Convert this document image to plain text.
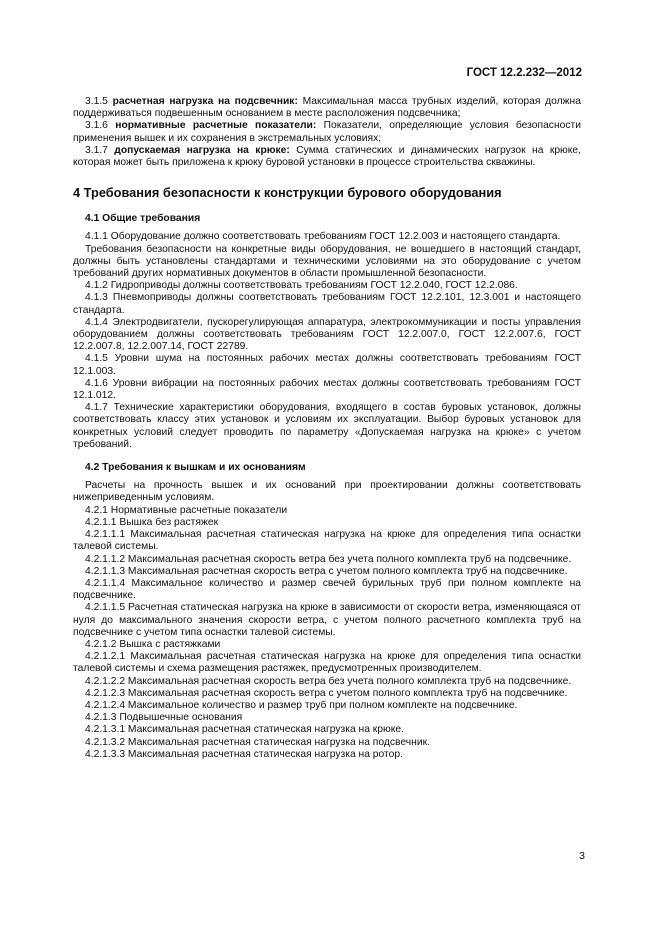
ГОСТ 12.2.232—2012

3.1.5 расчетная нагрузка на подсвечник: Максимальная масса трубных изделий, которая должна поддерживаться подвешенным основанием в месте расположения подсвечника;

3.1.6 нормативные расчетные показатели: Показатели, определяющие условия безопасности применения вышек и их сохранения в экстремальных условиях;

3.1.7 допускаемая нагрузка на крюке: Сумма статических и динамических нагрузок на крюке, которая может быть приложена к крюку буровой установки в процессе строительства скважины.

4 Требования безопасности к конструкции бурового оборудования
4.1 Общие требования

4.1.1 Оборудование должно соответствовать требованиям ГОСТ 12.2.003 и настоящего стандарта.

Требования безопасности на конкретные виды оборудования, не вошедшего в настоящий стандарт, должны быть установлены стандартами и техническими условиями на это оборудование с учетом требований других нормативных документов в области промышленной безопасности.

4.1.2 Гидроприводы должны соответствовать требованиям ГОСТ 12.2.040, ГОСТ 12.2.086.

4.1.3 Пневмоприводы должны соответствовать требованиям ГОСТ 12.2.101, 12.3.001 и настоящего стандарта.

4.1.4 Электродвигатели, пускорегулирующая аппаратура, электрокоммуникации и посты управления оборудованием должны соответствовать требованиям ГОСТ 12.2.007.0, ГОСТ 12.2.007.6, ГОСТ 12.2.007.8, 12.2.007.14, ГОСТ 22789.

4.1.5 Уровни шума на постоянных рабочих местах должны соответствовать требованиям ГОСТ 12.1.003.

4.1.6 Уровни вибрации на постоянных рабочих местах должны соответствовать требованиям ГОСТ 12.1.012.

4.1.7 Технические характеристики оборудования, входящего в состав буровых установок, должны соответствовать классу этих установок и условиям их эксплуатации. Выбор буровых установок для конкретных условий следует проводить по параметру «Допускаемая нагрузка на крюке» с учетом требований.

4.2 Требования к вышкам и их основаниям

Расчеты на прочность вышек и их оснований при проектировании должны соответствовать нижеприведенным условиям.

4.2.1 Нормативные расчетные показатели

4.2.1.1 Вышка без растяжек

4.2.1.1.1 Максимальная расчетная статическая нагрузка на крюке для определения типа оснастки талевой системы.

4.2.1.1.2 Максимальная расчетная скорость ветра без учета полного комплекта труб на подсвечнике.

4.2.1.1.3 Максимальная расчетная скорость ветра с учетом полного комплекта труб на подсвечнике.

4.2.1.1.4 Максимальное количество и размер свечей бурильных труб при полном комплекте на подсвечнике.

4.2.1.1.5 Расчетная статическая нагрузка на крюке в зависимости от скорости ветра, изменяющаяся от нуля до максимального значения скорости ветра, с учетом полного расчетного комплекта труб на подсвечнике с учетом типа оснастки талевой системы.

4.2.1.2 Вышка с растяжками

4.2.1.2.1 Максимальная расчетная статическая нагрузка на крюке для определения типа оснастки талевой системы и схема размещения растяжек, предусмотренных производителем.

4.2.1.2.2 Максимальная расчетная скорость ветра без учета полного комплекта труб на подсвечнике.

4.2.1.2.3 Максимальная расчетная скорость ветра с учетом полного комплекта труб на подсвечнике.

4.2.1.2.4 Максимальное количество и размер труб при полном комплекте на подсвечнике.

4.2.1.3 Подвышечные основания

4.2.1.3.1 Максимальная расчетная статическая нагрузка на крюке.

4.2.1.3.2 Максимальная расчетная статическая нагрузка на подсвечник.

4.2.1.3.3 Максимальная расчетная статическая нагрузка на ротор.

3
